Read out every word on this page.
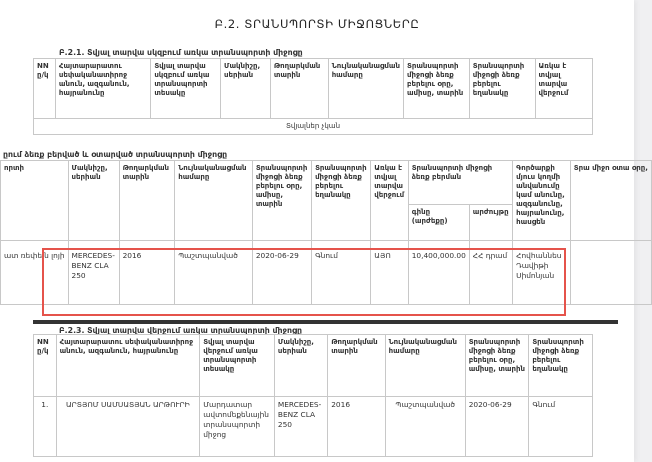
Բ.2. ՏՐԱՆՍՊՈՐՏԻ ՄԻՋՈՑՆԵՐԸ
Բ.2.1. Տվյալ տարվա սկզբում առկա տրանսպորտի միջոցը
NN ը/կ	Հայտարարատու սեփականատիրոջ անուն, ազգանուն, հայրանունը	Տվյալ տարվա սկզբում առկա տրանսպորտի տեսակը	Մակնիշը, սերիան	Թողարկման տարին	Նույնականացման համարը	Տրանսպորտի միջոցի ձեռք բերելու օրը, ամիսը, տարին	Տրանսպորտի միջոցի ձեռք բերելու եղանակը	Առկա է տվյալ տարվա վերջում
Տվյալներ չկան
ըում ձեռք բերված և օտարված տրանսպորտի միջոցը
որտի	Մակնիշը, սերիան	Թողարկման տարին	Նույնականացման համարը	Տրանսպորտի միջոցի ձեռք բերելու օրը, ամիսը, տարին	Տրանսպորտի միջոցի ձեռք բերելու եղանակը	Առկա է տվյալ տարվա վերջում	Տրանսպորտի միջոցի ձեռք բերման		Գործարքի մյուս կողմի անվանումը կամ անունը, ազգանունը, հայրանունը, հասցեն	Տրա միջո օտա օրը,
							գինը (արժեքը)	արժույթը		
ատ ռեփեյն լոյի	MERCEDES-BENZ CLA 250	2016	Պաշտպանված	2020-06-29	Գնում	ԱՅՈ	10,400,000.00	ՀՀ դրամ	Հովհաննես Դավիթի Սիմոնյան	
Բ.2.3. Տվյալ տարվա վերջում առկա տրանսպորտի միջոցը
NN ը/կ	Հայտարարատու սեփականատիրոջ անուն, ազգանուն, հայրանունը	Տվյալ տարվա վերջում առկա տրանսպորտի տեսակը	Մակնիշը, սերիան	Թողարկման տարին	Նույնականացման համարը	Տրանսպորտի միջոցի ձեռք բերելու օրը, ամիսը, տարին	Տրանսպորտի միջոցի ձեռք բերելու եղանակը
1.	ԱՐՏՅՈՄ ՍԱՄՍԱՏՅԱՆ ԱՐԹՈՒՐԻ	Մարդատար ավտոմեքենային տրանսպորտի միջոց	MERCEDES-BENZ CLA 250	2016	Պաշտպանված	2020-06-29	Գնում
